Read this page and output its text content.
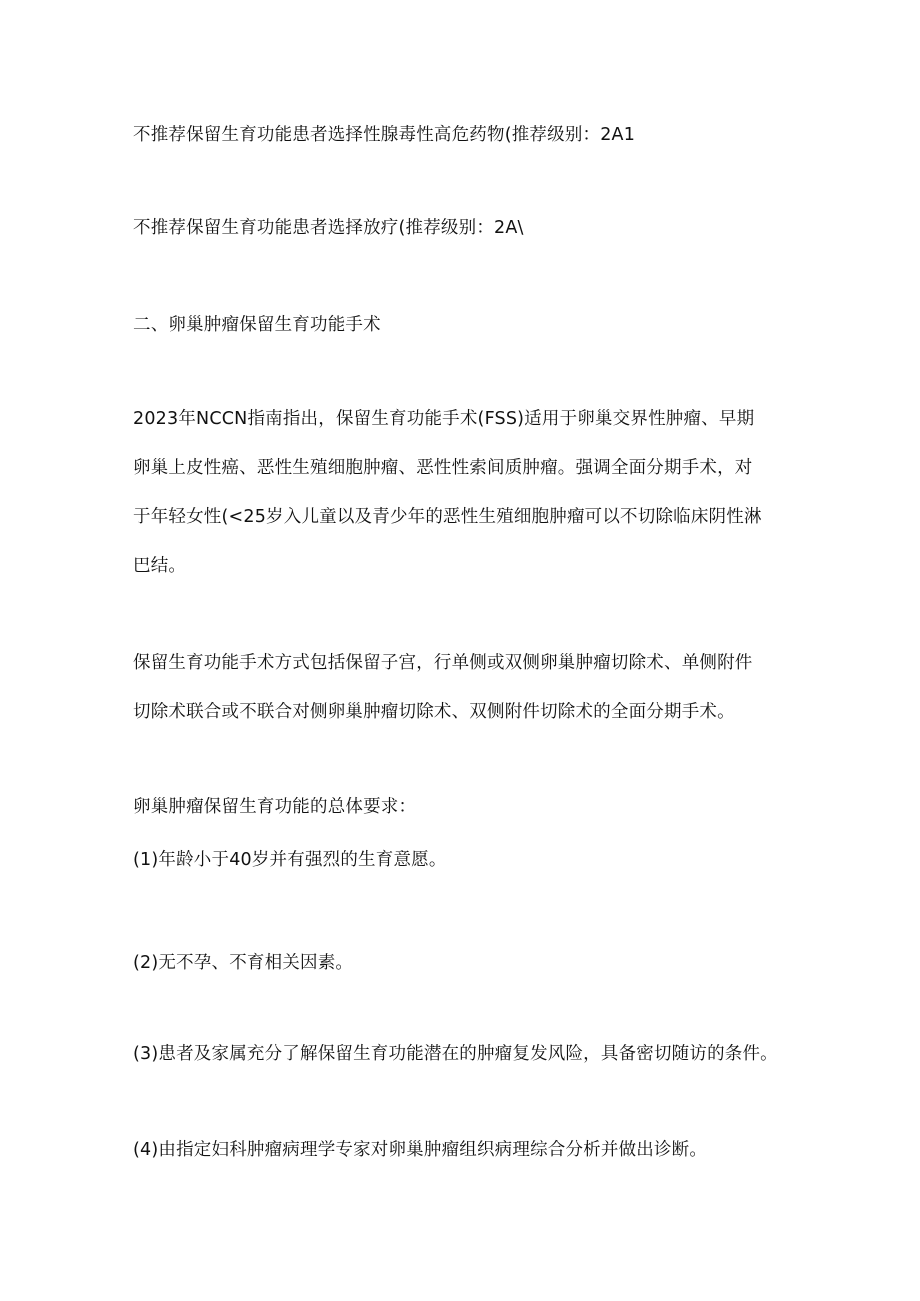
不推荐保留生育功能患者选择性腺毒性高危药物(推荐级别：2A1
不推荐保留生育功能患者选择放疗(推荐级别：2A\
二、卵巢肿瘤保留生育功能手术
2023年NCCN指南指出，保留生育功能手术(FSS)适用于卵巢交界性肿瘤、早期
卵巢上皮性癌、恶性生殖细胞肿瘤、恶性性索间质肿瘤。强调全面分期手术，对
于年轻女性(<25岁入儿童以及青少年的恶性生殖细胞肿瘤可以不切除临床阴性淋
巴结。
保留生育功能手术方式包括保留子宫，行单侧或双侧卵巢肿瘤切除术、单侧附件
切除术联合或不联合对侧卵巢肿瘤切除术、双侧附件切除术的全面分期手术。
卵巢肿瘤保留生育功能的总体要求：
(1)年龄小于40岁并有强烈的生育意愿。
(2)无不孕、不育相关因素。
(3)患者及家属充分了解保留生育功能潜在的肿瘤复发风险，具备密切随访的条件。
(4)由指定妇科肿瘤病理学专家对卵巢肿瘤组织病理综合分析并做出诊断。
